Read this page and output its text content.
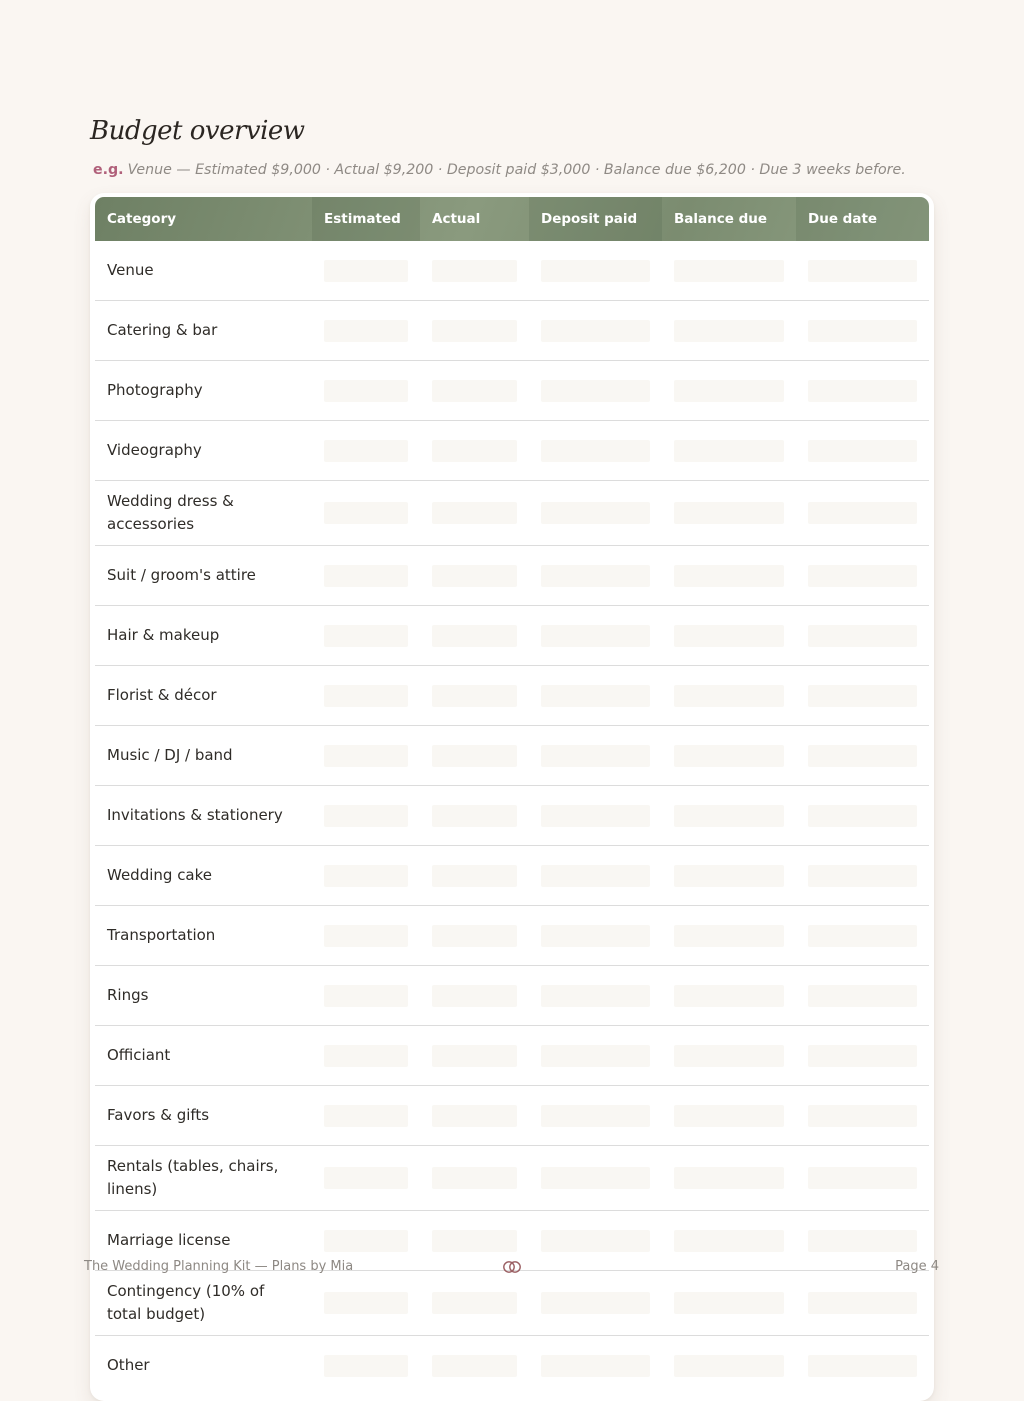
Budget overview
e.g. Venue — Estimated $9,000 · Actual $9,200 · Deposit paid $3,000 · Balance due $6,200 · Due 3 weeks before.
Category	Estimated	Actual	Deposit paid	Balance due	Due date
Venue	

Catering & bar	

Photography	

Videography	

Wedding dress & accessories	

Suit / groom's attire	

Hair & makeup	

Florist & décor	

Music / DJ / band	

Invitations & stationery	

Wedding cake	

Transportation	

Rings	

Officiant	

Favors & gifts	

Rentals (tables, chairs, linens)	

Marriage license	

Contingency (10% of total budget)	

Other	

The Wedding Planning Kit — Plans by Mia	Page 4
